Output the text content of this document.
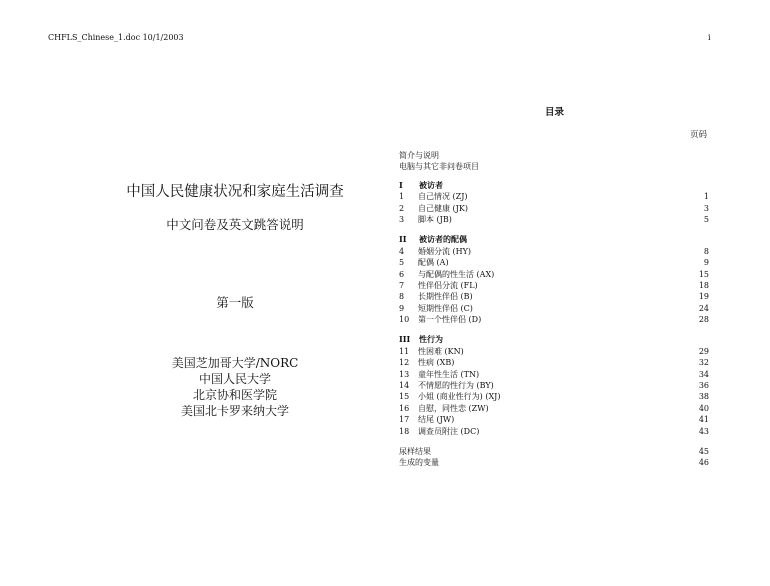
CHFLS_Chinese_1.doc 10/1/2003	i
中国人民健康状况和家庭生活调查
中文问卷及英文跳答说明
第一版
美国芝加哥大学/NORC
中国人民大学
北京协和医学院
美国北卡罗来纳大学
目录
页码
简介与说明
电脑与其它非问卷项目
I 被访者
1 自己情况 (ZJ)	1
2 自己健康 (JK)	3
3 脚本 (JB)	5
II 被访者的配偶
4 婚姻分流 (HY)	8
5 配偶 (A)	9
6 与配偶的性生活 (AX)	15
7 性伴侣分流 (FL)	18
8 长期性伴侣 (B)	19
9 短期性伴侣 (C)	24
10 第一个性伴侣 (D)	28
III 性行为
11 性困难 (KN)	29
12 性病 (XB)	32
13 童年性生活 (TN)	34
14 不情愿的性行为 (BY)	36
15 小姐 (商业性行为) (XJ)	38
16 自慰，同性恋 (ZW)	40
17 结尾 (JW)	41
18 调查员附注 (DC)	43
尿样结果	45
生成的变量	46
